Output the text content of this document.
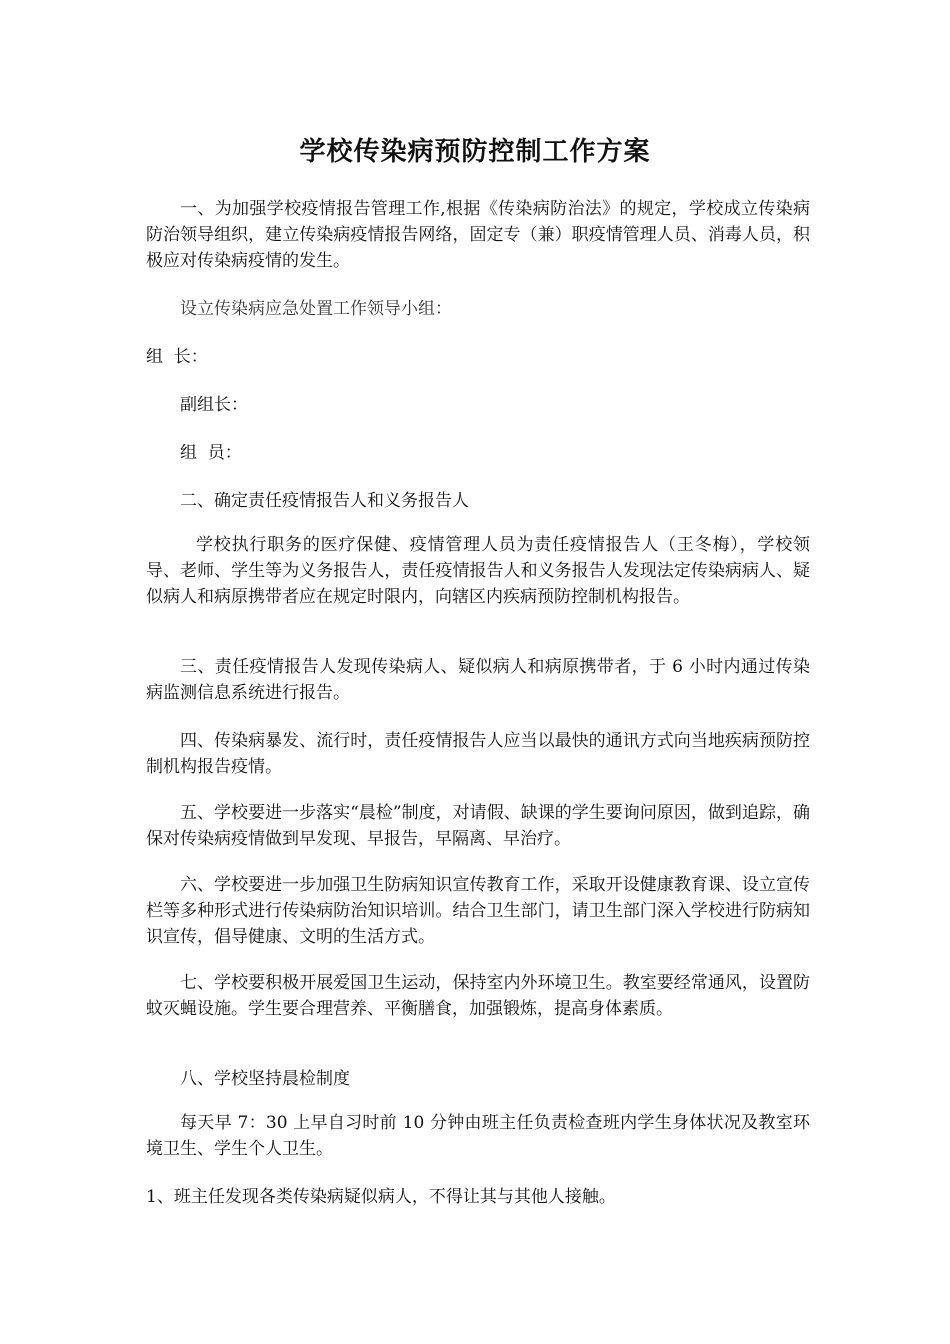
学校传染病预防控制工作方案

一、为加强学校疫情报告管理工作,根据《传染病防治法》的规定，学校成立传染病防治领导组织，建立传染病疫情报告网络，固定专（兼）职疫情管理人员、消毒人员，积极应对传染病疫情的发生。

设立传染病应急处置工作领导小组：

组  长：

副组长：

组  员：

二、确定责任疫情报告人和义务报告人

学校执行职务的医疗保健、疫情管理人员为责任疫情报告人（王冬梅），学校领导、老师、学生等为义务报告人，责任疫情报告人和义务报告人发现法定传染病病人、疑似病人和病原携带者应在规定时限内，向辖区内疾病预防控制机构报告。

三、责任疫情报告人发现传染病人、疑似病人和病原携带者，于 6 小时内通过传染病监测信息系统进行报告。

四、传染病暴发、流行时，责任疫情报告人应当以最快的通讯方式向当地疾病预防控制机构报告疫情。

五、学校要进一步落实“晨检”制度，对请假、缺课的学生要询问原因，做到追踪，确保对传染病疫情做到早发现、早报告，早隔离、早治疗。

六、学校要进一步加强卫生防病知识宣传教育工作，采取开设健康教育课、设立宣传栏等多种形式进行传染病防治知识培训。结合卫生部门，请卫生部门深入学校进行防病知识宣传，倡导健康、文明的生活方式。

七、学校要积极开展爱国卫生运动，保持室内外环境卫生。教室要经常通风，设置防蚊灭蝇设施。学生要合理营养、平衡膳食，加强锻炼，提高身体素质。

八、学校坚持晨检制度

每天早 7：30 上早自习时前 10 分钟由班主任负责检查班内学生身体状况及教室环境卫生、学生个人卫生。

1、班主任发现各类传染病疑似病人，不得让其与其他人接触。
